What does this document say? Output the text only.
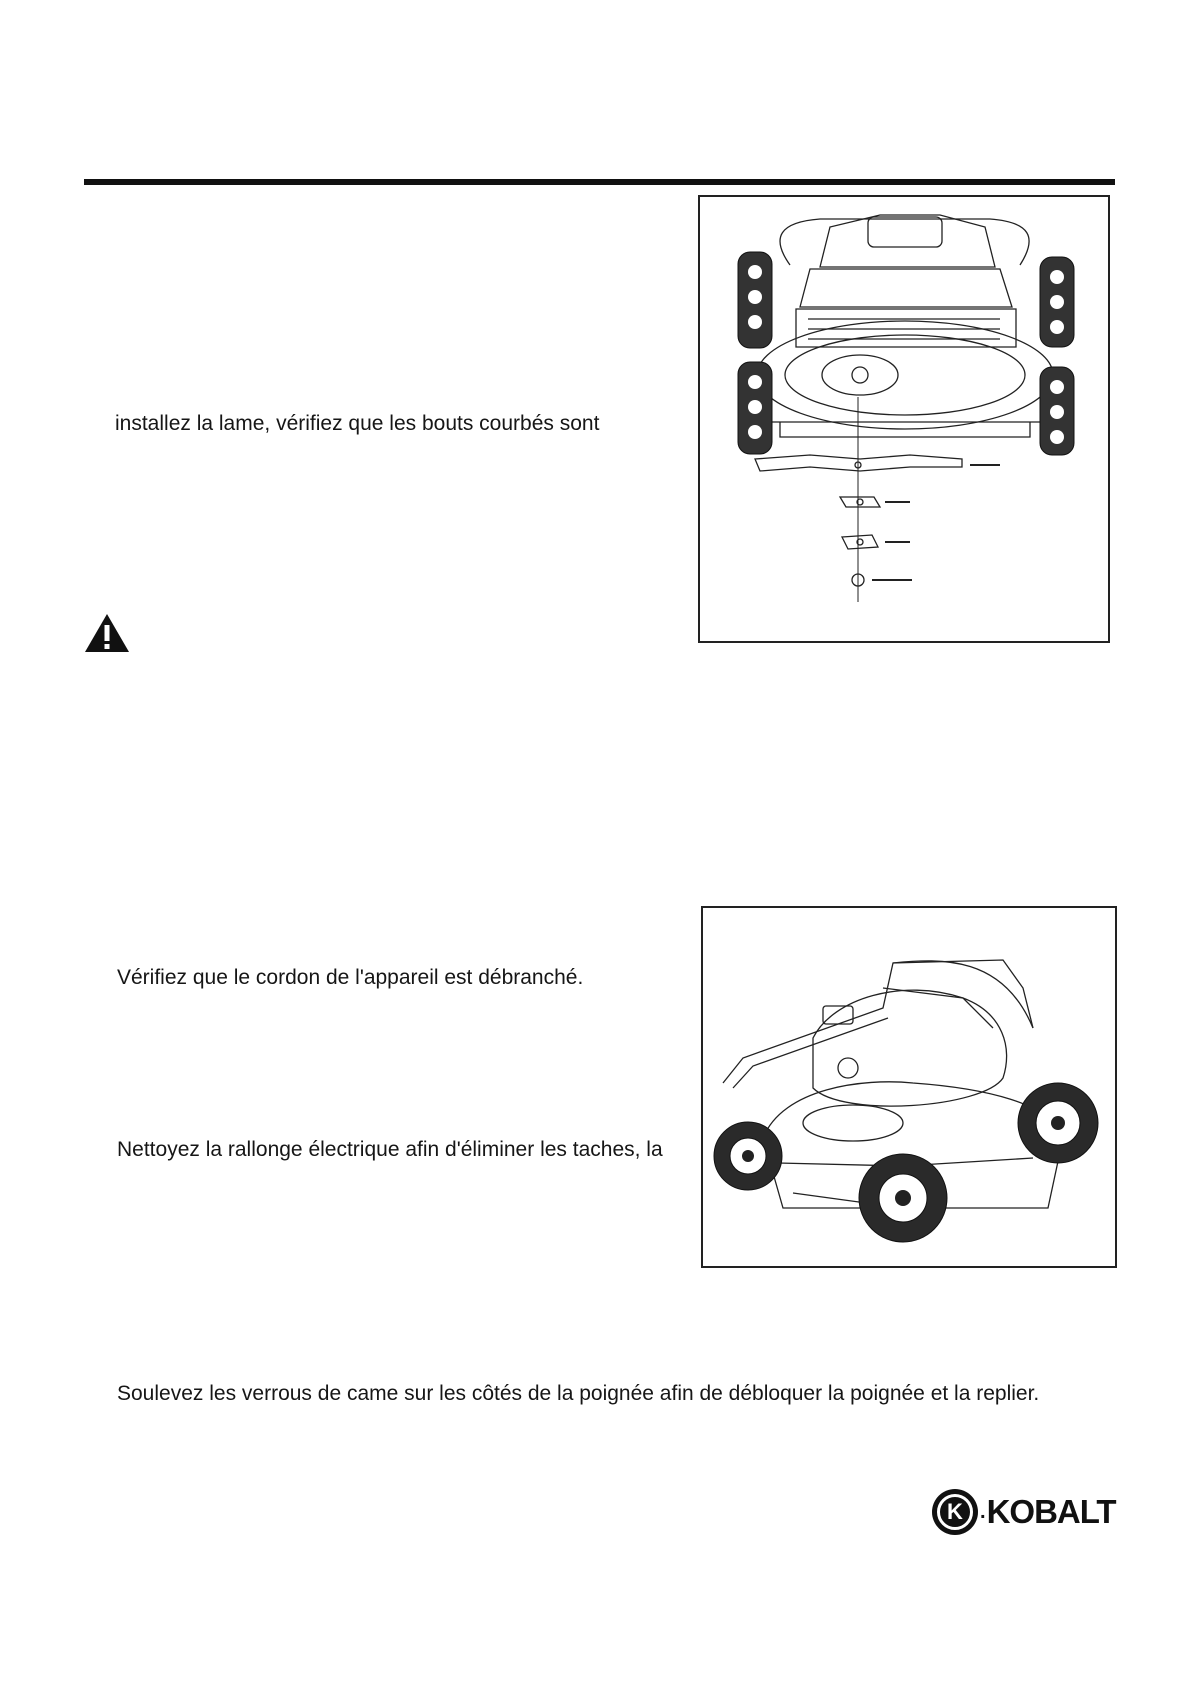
installez la lame, vérifiez que les bouts courbés sont
Vérifiez que le cordon de l'appareil est débranché.
Nettoyez la rallonge électrique afin d'éliminer les taches, la
Soulevez les verrous de came sur les côtés de la poignée afin de débloquer la poignée et la replier.
K . KOBALT
